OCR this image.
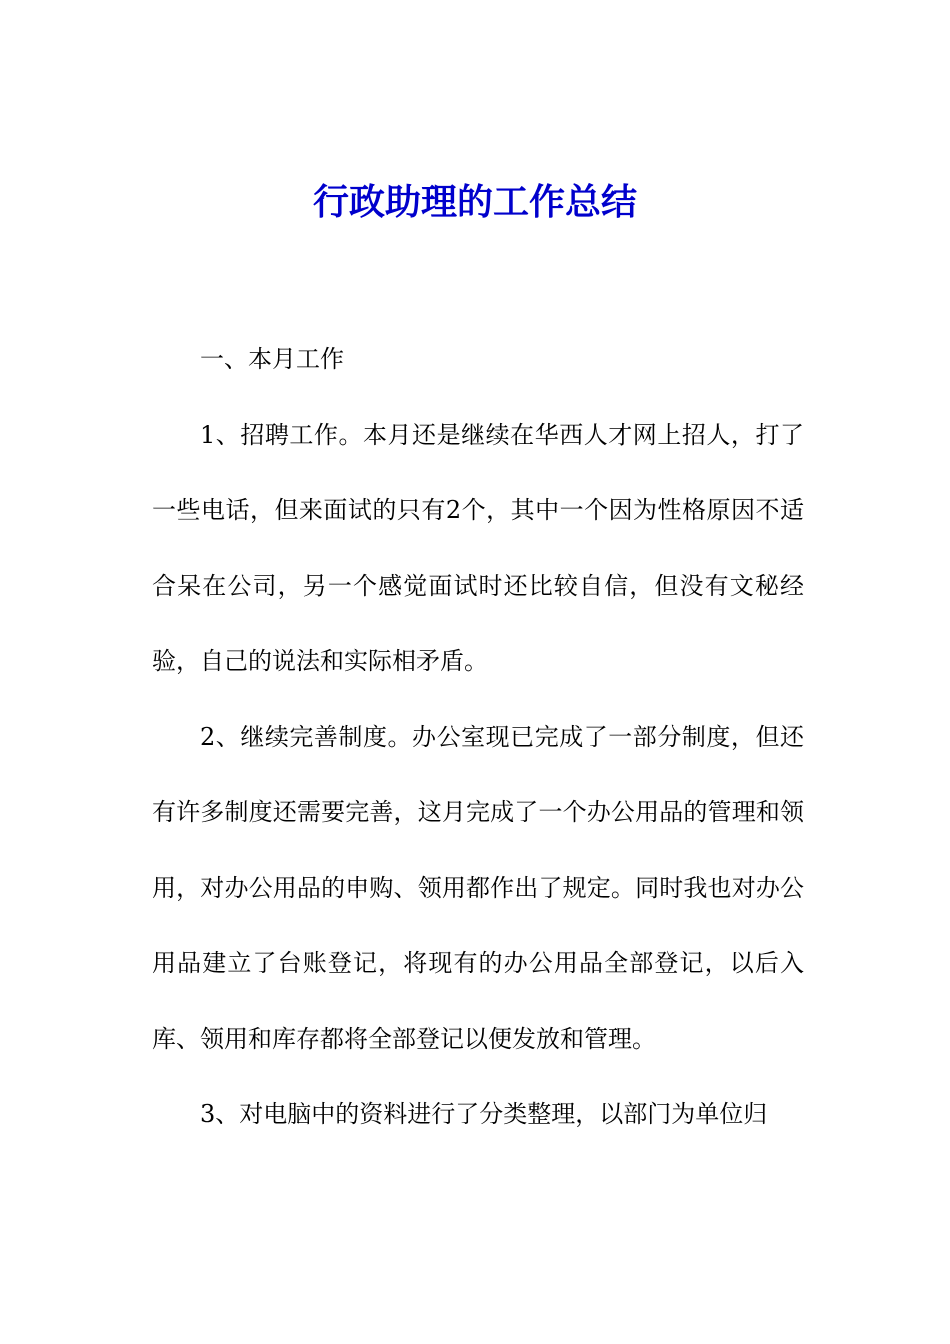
行政助理的工作总结

一、本月工作

1、招聘工作。本月还是继续在华西人才网上招人，打了一些电话，但来面试的只有2个，其中一个因为性格原因不适合呆在公司，另一个感觉面试时还比较自信，但没有文秘经验，自己的说法和实际相矛盾。

2、继续完善制度。办公室现已完成了一部分制度，但还有许多制度还需要完善，这月完成了一个办公用品的管理和领用，对办公用品的申购、领用都作出了规定。同时我也对办公用品建立了台账登记，将现有的办公用品全部登记，以后入库、领用和库存都将全部登记以便发放和管理。

3、对电脑中的资料进行了分类整理，以部门为单位归
